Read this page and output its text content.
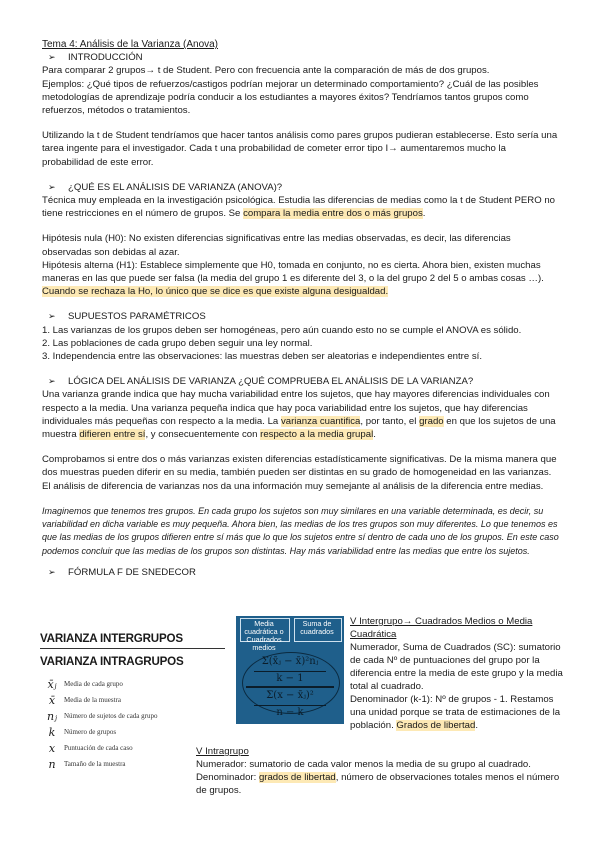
Tema 4: Análisis de la Varianza (Anova)

➢ INTRODUCCIÓN

Para comparar 2 grupos→ t de Student. Pero con frecuencia ante la comparación de más de dos grupos.

Ejemplos: ¿Qué tipos de refuerzos/castigos podrían mejorar un determinado comportamiento? ¿Cuál de las posibles metodologías de aprendizaje podría conducir a los estudiantes a mayores éxitos? Tendríamos tantos grupos como refuerzos, métodos o tratamientos.

Utilizando la t de Student tendríamos que hacer tantos análisis como pares grupos pudieran establecerse. Esto sería una tarea ingente para el investigador. Cada t una probabilidad de cometer error tipo I→ aumentaremos mucho la probabilidad de este error.

➢ ¿QUÉ ES EL ANÁLISIS DE VARIANZA (ANOVA)?

Técnica muy empleada en la investigación psicológica. Estudia las diferencias de medias como la t de Student PERO no tiene restricciones en el número de grupos. Se compara la media entre dos o más grupos.

Hipótesis nula (H0): No existen diferencias significativas entre las medias observadas, es decir, las diferencias observadas son debidas al azar.

Hipótesis alterna (H1): Establece simplemente que H0, tomada en conjunto, no es cierta. Ahora bien, existen muchas maneras en las que puede ser falsa (la media del grupo 1 es diferente del 3, o la del grupo 2 del 5 o ambas cosas …). Cuando se rechaza la Ho, lo único que se dice es que existe alguna desigualdad.

➢ SUPUESTOS PARAMÉTRICOS

1. Las varianzas de los grupos deben ser homogéneas, pero aún cuando esto no se cumple el ANOVA es sólido.

2. Las poblaciones de cada grupo deben seguir una ley normal.

3. Independencia entre las observaciones: las muestras deben ser aleatorias e independientes entre sí.

➢ LÓGICA DEL ANÁLISIS DE VARIANZA ¿QUÉ COMPRUEBA EL ANÁLISIS DE LA VARIANZA?

Una varianza grande indica que hay mucha variabilidad entre los sujetos, que hay mayores diferencias individuales con respecto a la media. Una varianza pequeña indica que hay poca variabilidad entre los sujetos, que hay diferencias individuales más pequeñas con respecto a la media. La varianza cuantifica, por tanto, el grado en que los sujetos de una muestra difieren entre sí, y consecuentemente con respecto a la media grupal.

Comprobamos si entre dos o más varianzas existen diferencias estadísticamente significativas. De la misma manera que dos muestras pueden diferir en su media, también pueden ser distintas en su grado de homogeneidad en las varianzas. El análisis de diferencia de varianzas nos da una información muy semejante al análisis de la diferencia entre medias.

Imaginemos que tenemos tres grupos. En cada grupo los sujetos son muy similares en una variable determinada, es decir, su variabilidad en dicha variable es muy pequeña. Ahora bien, las medias de los tres grupos son muy diferentes. Lo que tenemos es que las medias de los grupos difieren entre sí más que lo que los sujetos entre sí dentro de cada uno de los grupos. En este caso podemos concluir que las medias de los grupos son distintas. Hay más variabilidad entre las medias que entre los sujetos.

➢ FÓRMULA F DE SNEDECOR

VARIANZA INTERGRUPOS
VARIANZA INTRAGRUPOS
x̄ⱼ	Media de cada grupo
x̄	Media de la muestra
nⱼ	Número de sujetos de cada grupo
k	Número de grupos
x	Puntuación de cada caso
n	Tamaño de la muestra
Media cuadrática o Cuadrados medios
Suma de cuadrados
Σ(x̄ⱼ − x̄)²nⱼ
k − 1
Σ(x − x̄ⱼ)²
n − k

V Intergrupo→ Cuadrados Medios o Media Cuadrática

Numerador, Suma de Cuadrados (SC): sumatorio de cada Nº de puntuaciones del grupo por la diferencia entre la media de este grupo y la media total al cuadrado.

Denominador (k-1): Nº de grupos - 1. Restamos una unidad porque se trata de estimaciones de la población. Grados de libertad.

V Intragrupo

Numerador: sumatorio de cada valor menos la media de su grupo al cuadrado.

Denominador: grados de libertad, número de observaciones totales menos el número de grupos.
